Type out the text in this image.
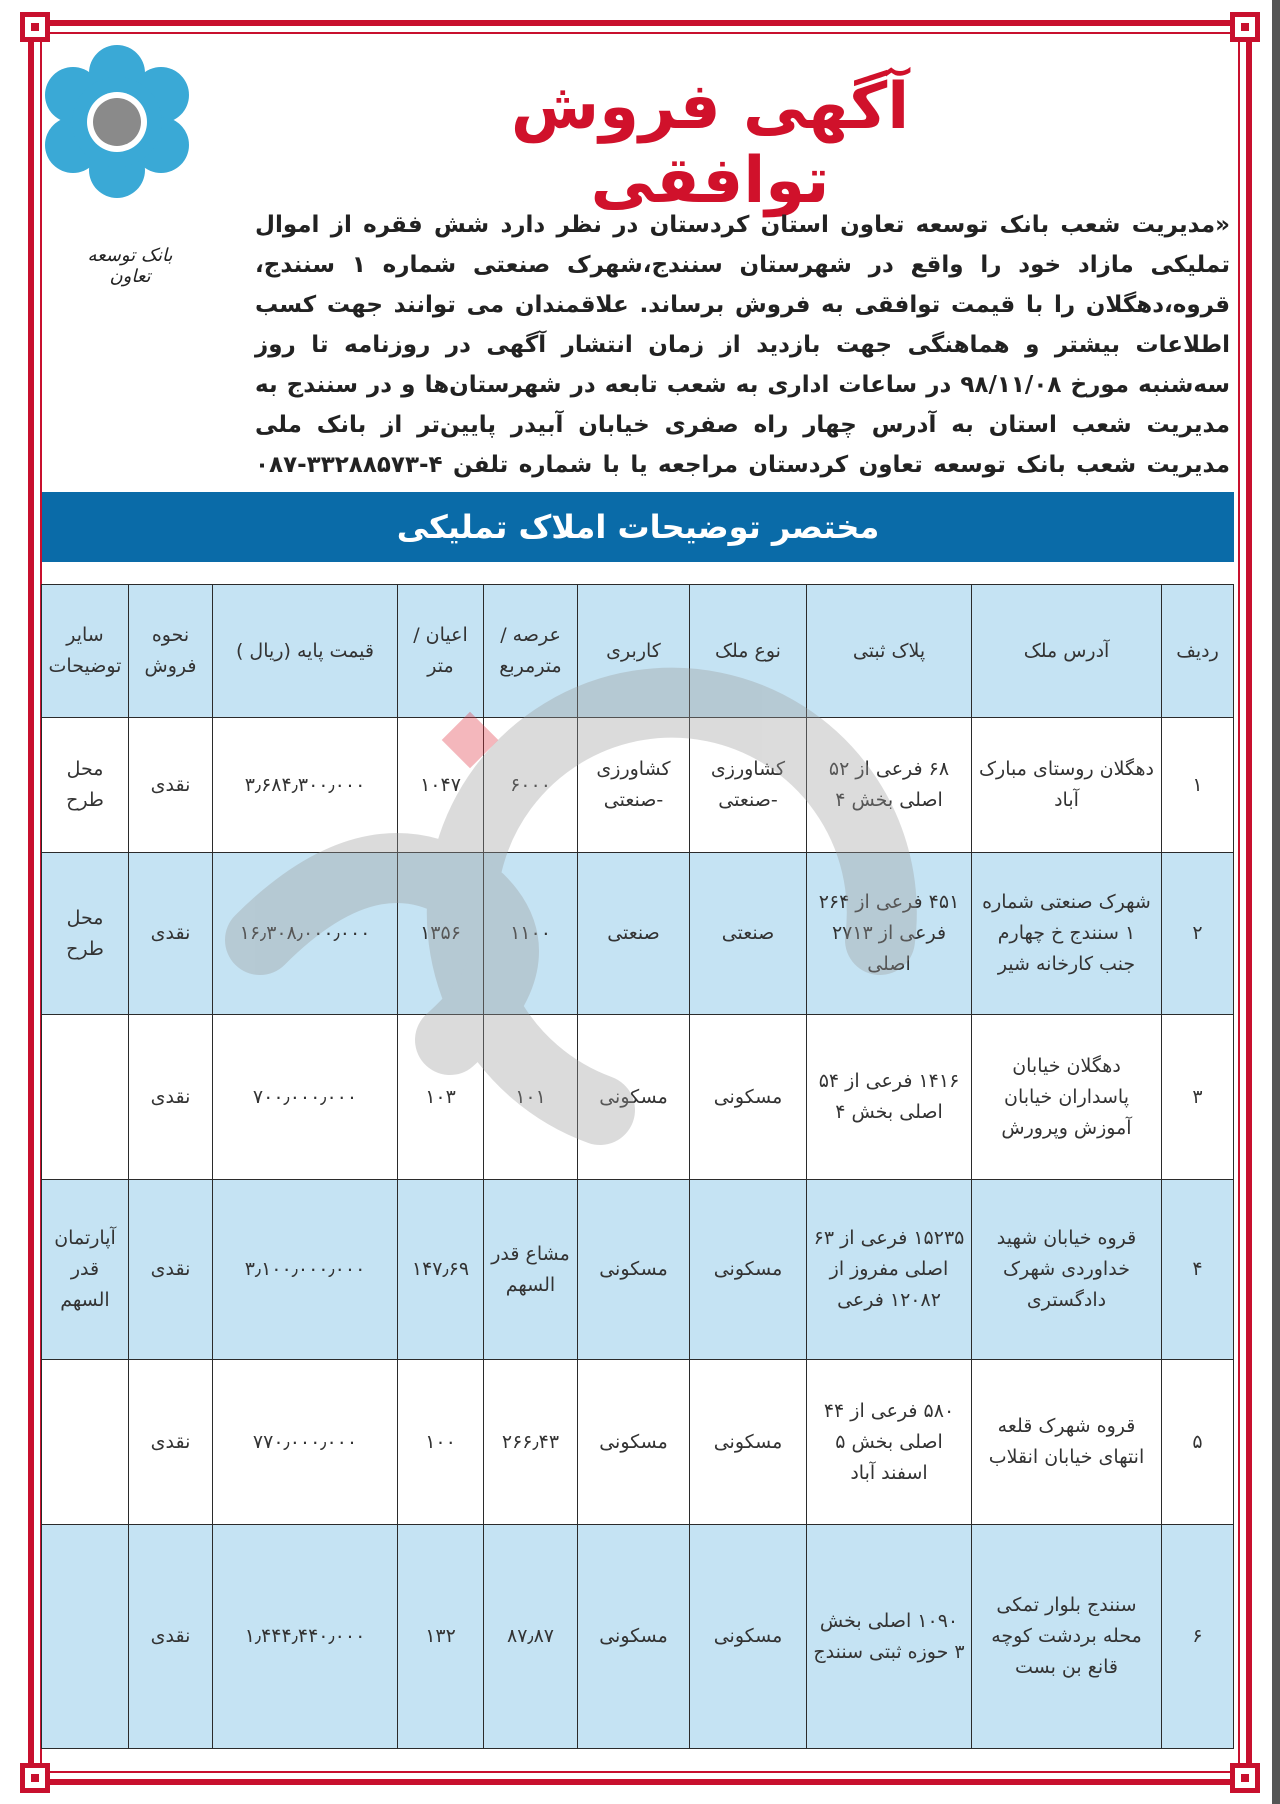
بانک توسعه تعاون
آگهی فروش توافقی

«مدیریت شعب بانک توسعه تعاون استان کردستان در نظر دارد شش فقره از اموال تملیکی مازاد خود را واقع در شهرستان سنندج،شهرک صنعتی شماره ۱ سنندج، قروه،دهگلان را با قیمت توافقی به فروش برساند. علاقمندان می توانند جهت کسب اطلاعات بیشتر و هماهنگی جهت بازدید از زمان انتشار آگهی در روزنامه تا روز سه‌شنبه مورخ ۹۸/۱۱/۰۸ در ساعات اداری به شعب تابعه در شهرستان‌ها و در سنندج به مدیریت شعب استان به آدرس چهار راه صفری خیابان آبیدر پایین‌تر از بانک ملی مدیریت شعب بانک توسعه تعاون کردستان مراجعه یا با شماره تلفن ۴-۳۳۲۸۸۵۷۳-۰۸۷

مختصر توضیحات املاک تملیکی
ردیف	آدرس ملک	پلاک ثبتی	نوع ملک	کاربری	عرصه / مترمربع	اعیان / متر	قیمت پایه (ریال )	نحوه فروش	سایر توضیحات
۱	دهگلان روستای مبارک آباد	۶۸ فرعی از ۵۲ اصلی بخش ۴	کشاورزی -صنعتی	کشاورزی -صنعتی	۶۰۰۰	۱۰۴۷	۳٫۶۸۴٫۳۰۰٫۰۰۰	نقدی	محل طرح
۲	شهرک صنعتی شماره ۱ سنندج خ چهارم جنب کارخانه شیر	۴۵۱ فرعی از ۲۶۴ فرعی از ۲۷۱۳ اصلی	صنعتی	صنعتی	۱۱۰۰	۱۳۵۶	۱۶٫۳۰۸٫۰۰۰٫۰۰۰	نقدی	محل طرح
۳	دهگلان خیابان پاسداران خیابان آموزش وپرورش	۱۴۱۶ فرعی از ۵۴ اصلی بخش ۴	مسکونی	مسکونی	۱۰۱	۱۰۳	۷۰۰٫۰۰۰٫۰۰۰	نقدی	
۴	قروه خیابان شهید خداوردی شهرک دادگستری	۱۵۲۳۵ فرعی از ۶۳ اصلی مفروز از ۱۲۰۸۲ فرعی	مسکونی	مسکونی	مشاع قدر السهم	۱۴۷٫۶۹	۳٫۱۰۰٫۰۰۰٫۰۰۰	نقدی	آپارتمان قدر السهم
۵	قروه شهرک قلعه انتهای خیابان انقلاب	۵۸۰ فرعی از ۴۴ اصلی بخش ۵ اسفند آباد	مسکونی	مسکونی	۲۶۶٫۴۳	۱۰۰	۷۷۰٫۰۰۰٫۰۰۰	نقدی	
۶	سنندج بلوار تمکی محله بردشت کوچه قانع بن بست	۱۰۹۰ اصلی بخش ۳ حوزه ثبتی سنندج	مسکونی	مسکونی	۸۷٫۸۷	۱۳۲	۱٫۴۴۴٫۴۴۰٫۰۰۰	نقدی	
